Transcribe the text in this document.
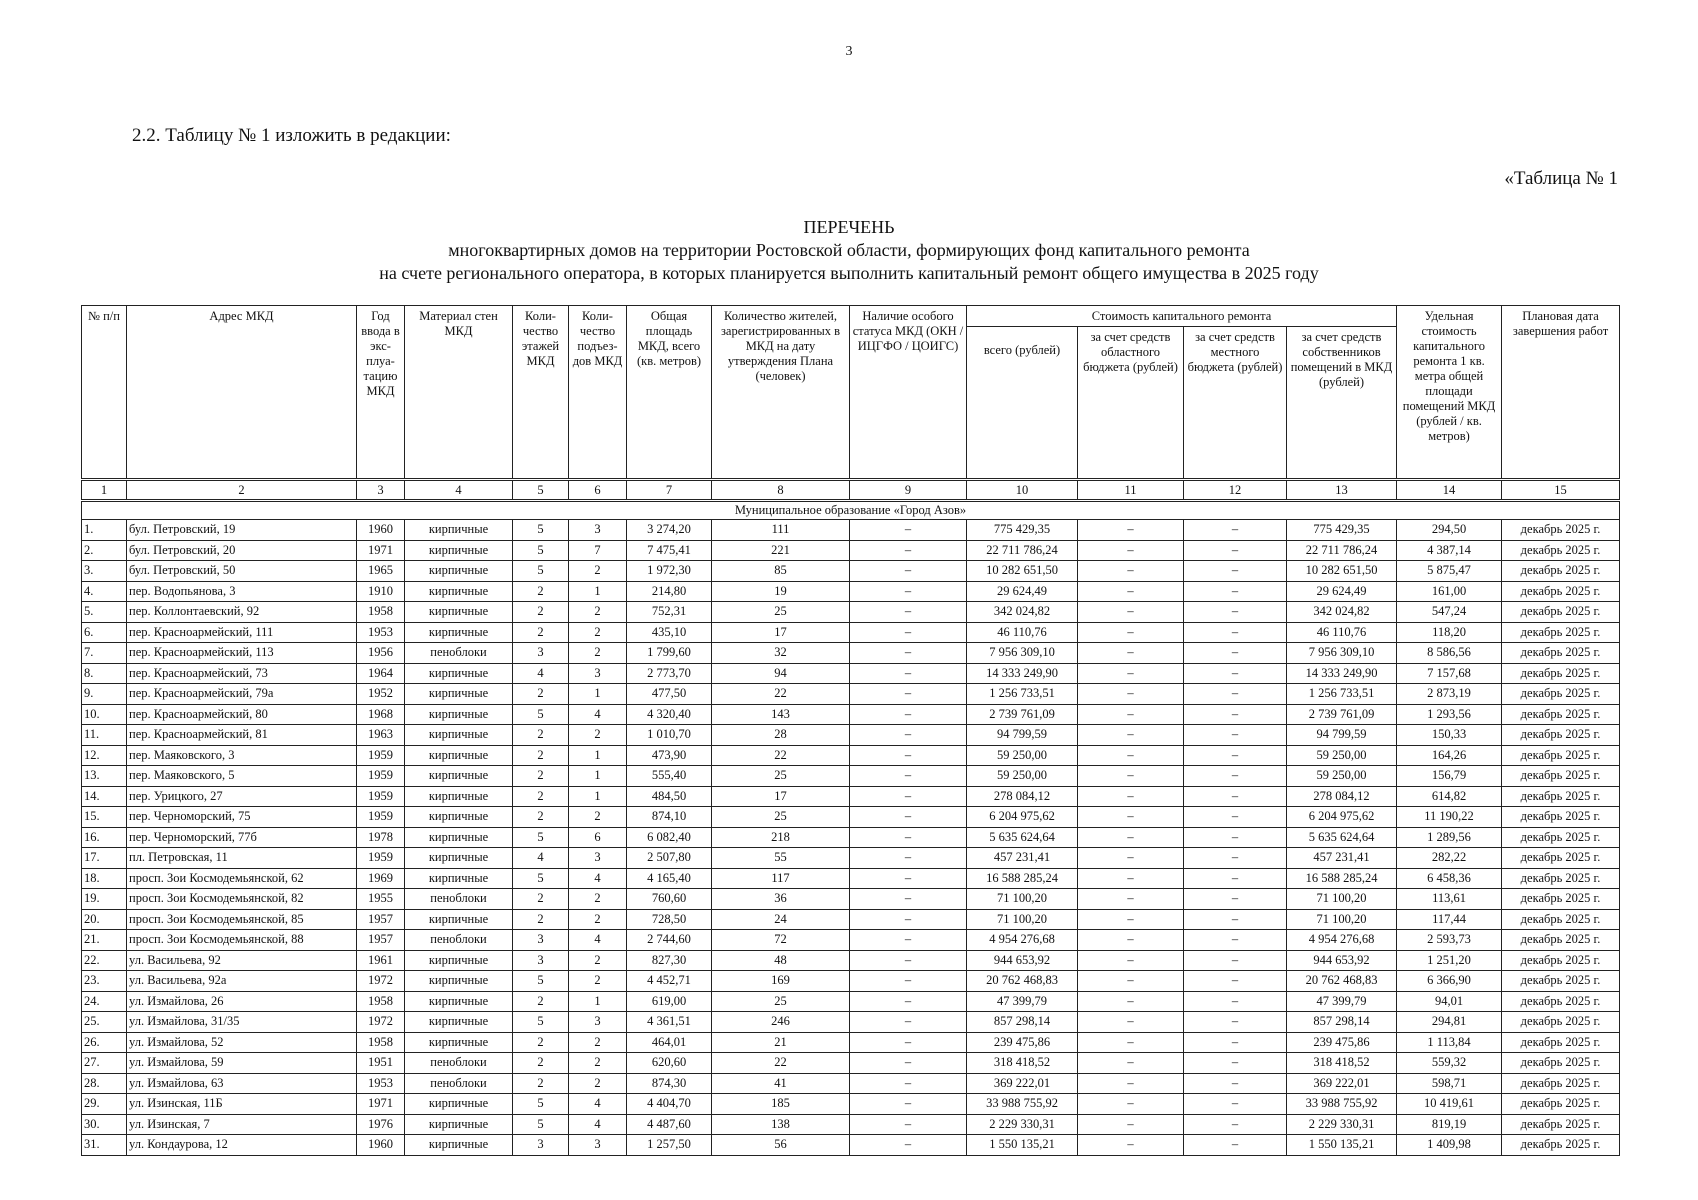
3
2.2. Таблицу № 1 изложить в редакции:
«Таблица № 1
ПЕРЕЧЕНЬ
многоквартирных домов на территории Ростовской области, формирующих фонд капитального ремонта
на счете регионального оператора, в которых планируется выполнить капитальный ремонт общего имущества в 2025 году
№ п/п	Адрес МКД	Год ввода в экс- плуа- тацию МКД	Материал стен МКД	Коли- чество этажей МКД	Коли- чество подъез- дов МКД	Общая площадь МКД, всего (кв. метров)	Количество жителей, зарегистрированных в МКД на дату утверждения Плана (человек)	Наличие особого статуса МКД (ОКН / ИЦГФО / ЦОИГС)	Стоимость капитального ремонта				Удельная стоимость капитального ремонта 1 кв. метра общей площади помещений МКД (рублей / кв. метров)	Плановая дата завершения работ
									всего (рублей)	за счет средств областного бюджета (рублей)	за счет средств местного бюджета (рублей)	за счет средств собственников помещений в МКД (рублей)		
1	2	3	4	5	6	7	8	9	10	11	12	13	14	15
Муниципальное образование «Город Азов»														
1.	бул. Петровский, 19	1960	кирпичные	5	3	3 274,20	111	–	775 429,35	–	–	775 429,35	294,50	декабрь 2025 г.
2.	бул. Петровский, 20	1971	кирпичные	5	7	7 475,41	221	–	22 711 786,24	–	–	22 711 786,24	4 387,14	декабрь 2025 г.
3.	бул. Петровский, 50	1965	кирпичные	5	2	1 972,30	85	–	10 282 651,50	–	–	10 282 651,50	5 875,47	декабрь 2025 г.
4.	пер. Водопьянова, 3	1910	кирпичные	2	1	214,80	19	–	29 624,49	–	–	29 624,49	161,00	декабрь 2025 г.
5.	пер. Коллонтаевский, 92	1958	кирпичные	2	2	752,31	25	–	342 024,82	–	–	342 024,82	547,24	декабрь 2025 г.
6.	пер. Красноармейский, 111	1953	кирпичные	2	2	435,10	17	–	46 110,76	–	–	46 110,76	118,20	декабрь 2025 г.
7.	пер. Красноармейский, 113	1956	пеноблоки	3	2	1 799,60	32	–	7 956 309,10	–	–	7 956 309,10	8 586,56	декабрь 2025 г.
8.	пер. Красноармейский, 73	1964	кирпичные	4	3	2 773,70	94	–	14 333 249,90	–	–	14 333 249,90	7 157,68	декабрь 2025 г.
9.	пер. Красноармейский, 79а	1952	кирпичные	2	1	477,50	22	–	1 256 733,51	–	–	1 256 733,51	2 873,19	декабрь 2025 г.
10.	пер. Красноармейский, 80	1968	кирпичные	5	4	4 320,40	143	–	2 739 761,09	–	–	2 739 761,09	1 293,56	декабрь 2025 г.
11.	пер. Красноармейский, 81	1963	кирпичные	2	2	1 010,70	28	–	94 799,59	–	–	94 799,59	150,33	декабрь 2025 г.
12.	пер. Маяковского, 3	1959	кирпичные	2	1	473,90	22	–	59 250,00	–	–	59 250,00	164,26	декабрь 2025 г.
13.	пер. Маяковского, 5	1959	кирпичные	2	1	555,40	25	–	59 250,00	–	–	59 250,00	156,79	декабрь 2025 г.
14.	пер. Урицкого, 27	1959	кирпичные	2	1	484,50	17	–	278 084,12	–	–	278 084,12	614,82	декабрь 2025 г.
15.	пер. Черноморский, 75	1959	кирпичные	2	2	874,10	25	–	6 204 975,62	–	–	6 204 975,62	11 190,22	декабрь 2025 г.
16.	пер. Черноморский, 77б	1978	кирпичные	5	6	6 082,40	218	–	5 635 624,64	–	–	5 635 624,64	1 289,56	декабрь 2025 г.
17.	пл. Петровская, 11	1959	кирпичные	4	3	2 507,80	55	–	457 231,41	–	–	457 231,41	282,22	декабрь 2025 г.
18.	просп. Зои Космодемьянской, 62	1969	кирпичные	5	4	4 165,40	117	–	16 588 285,24	–	–	16 588 285,24	6 458,36	декабрь 2025 г.
19.	просп. Зои Космодемьянской, 82	1955	пеноблоки	2	2	760,60	36	–	71 100,20	–	–	71 100,20	113,61	декабрь 2025 г.
20.	просп. Зои Космодемьянской, 85	1957	кирпичные	2	2	728,50	24	–	71 100,20	–	–	71 100,20	117,44	декабрь 2025 г.
21.	просп. Зои Космодемьянской, 88	1957	пеноблоки	3	4	2 744,60	72	–	4 954 276,68	–	–	4 954 276,68	2 593,73	декабрь 2025 г.
22.	ул. Васильева, 92	1961	кирпичные	3	2	827,30	48	–	944 653,92	–	–	944 653,92	1 251,20	декабрь 2025 г.
23.	ул. Васильева, 92а	1972	кирпичные	5	2	4 452,71	169	–	20 762 468,83	–	–	20 762 468,83	6 366,90	декабрь 2025 г.
24.	ул. Измайлова, 26	1958	кирпичные	2	1	619,00	25	–	47 399,79	–	–	47 399,79	94,01	декабрь 2025 г.
25.	ул. Измайлова, 31/35	1972	кирпичные	5	3	4 361,51	246	–	857 298,14	–	–	857 298,14	294,81	декабрь 2025 г.
26.	ул. Измайлова, 52	1958	кирпичные	2	2	464,01	21	–	239 475,86	–	–	239 475,86	1 113,84	декабрь 2025 г.
27.	ул. Измайлова, 59	1951	пеноблоки	2	2	620,60	22	–	318 418,52	–	–	318 418,52	559,32	декабрь 2025 г.
28.	ул. Измайлова, 63	1953	пеноблоки	2	2	874,30	41	–	369 222,01	–	–	369 222,01	598,71	декабрь 2025 г.
29.	ул. Изинская, 11Б	1971	кирпичные	5	4	4 404,70	185	–	33 988 755,92	–	–	33 988 755,92	10 419,61	декабрь 2025 г.
30.	ул. Изинская, 7	1976	кирпичные	5	4	4 487,60	138	–	2 229 330,31	–	–	2 229 330,31	819,19	декабрь 2025 г.
31.	ул. Кондаурова, 12	1960	кирпичные	3	3	1 257,50	56	–	1 550 135,21	–	–	1 550 135,21	1 409,98	декабрь 2025 г.
